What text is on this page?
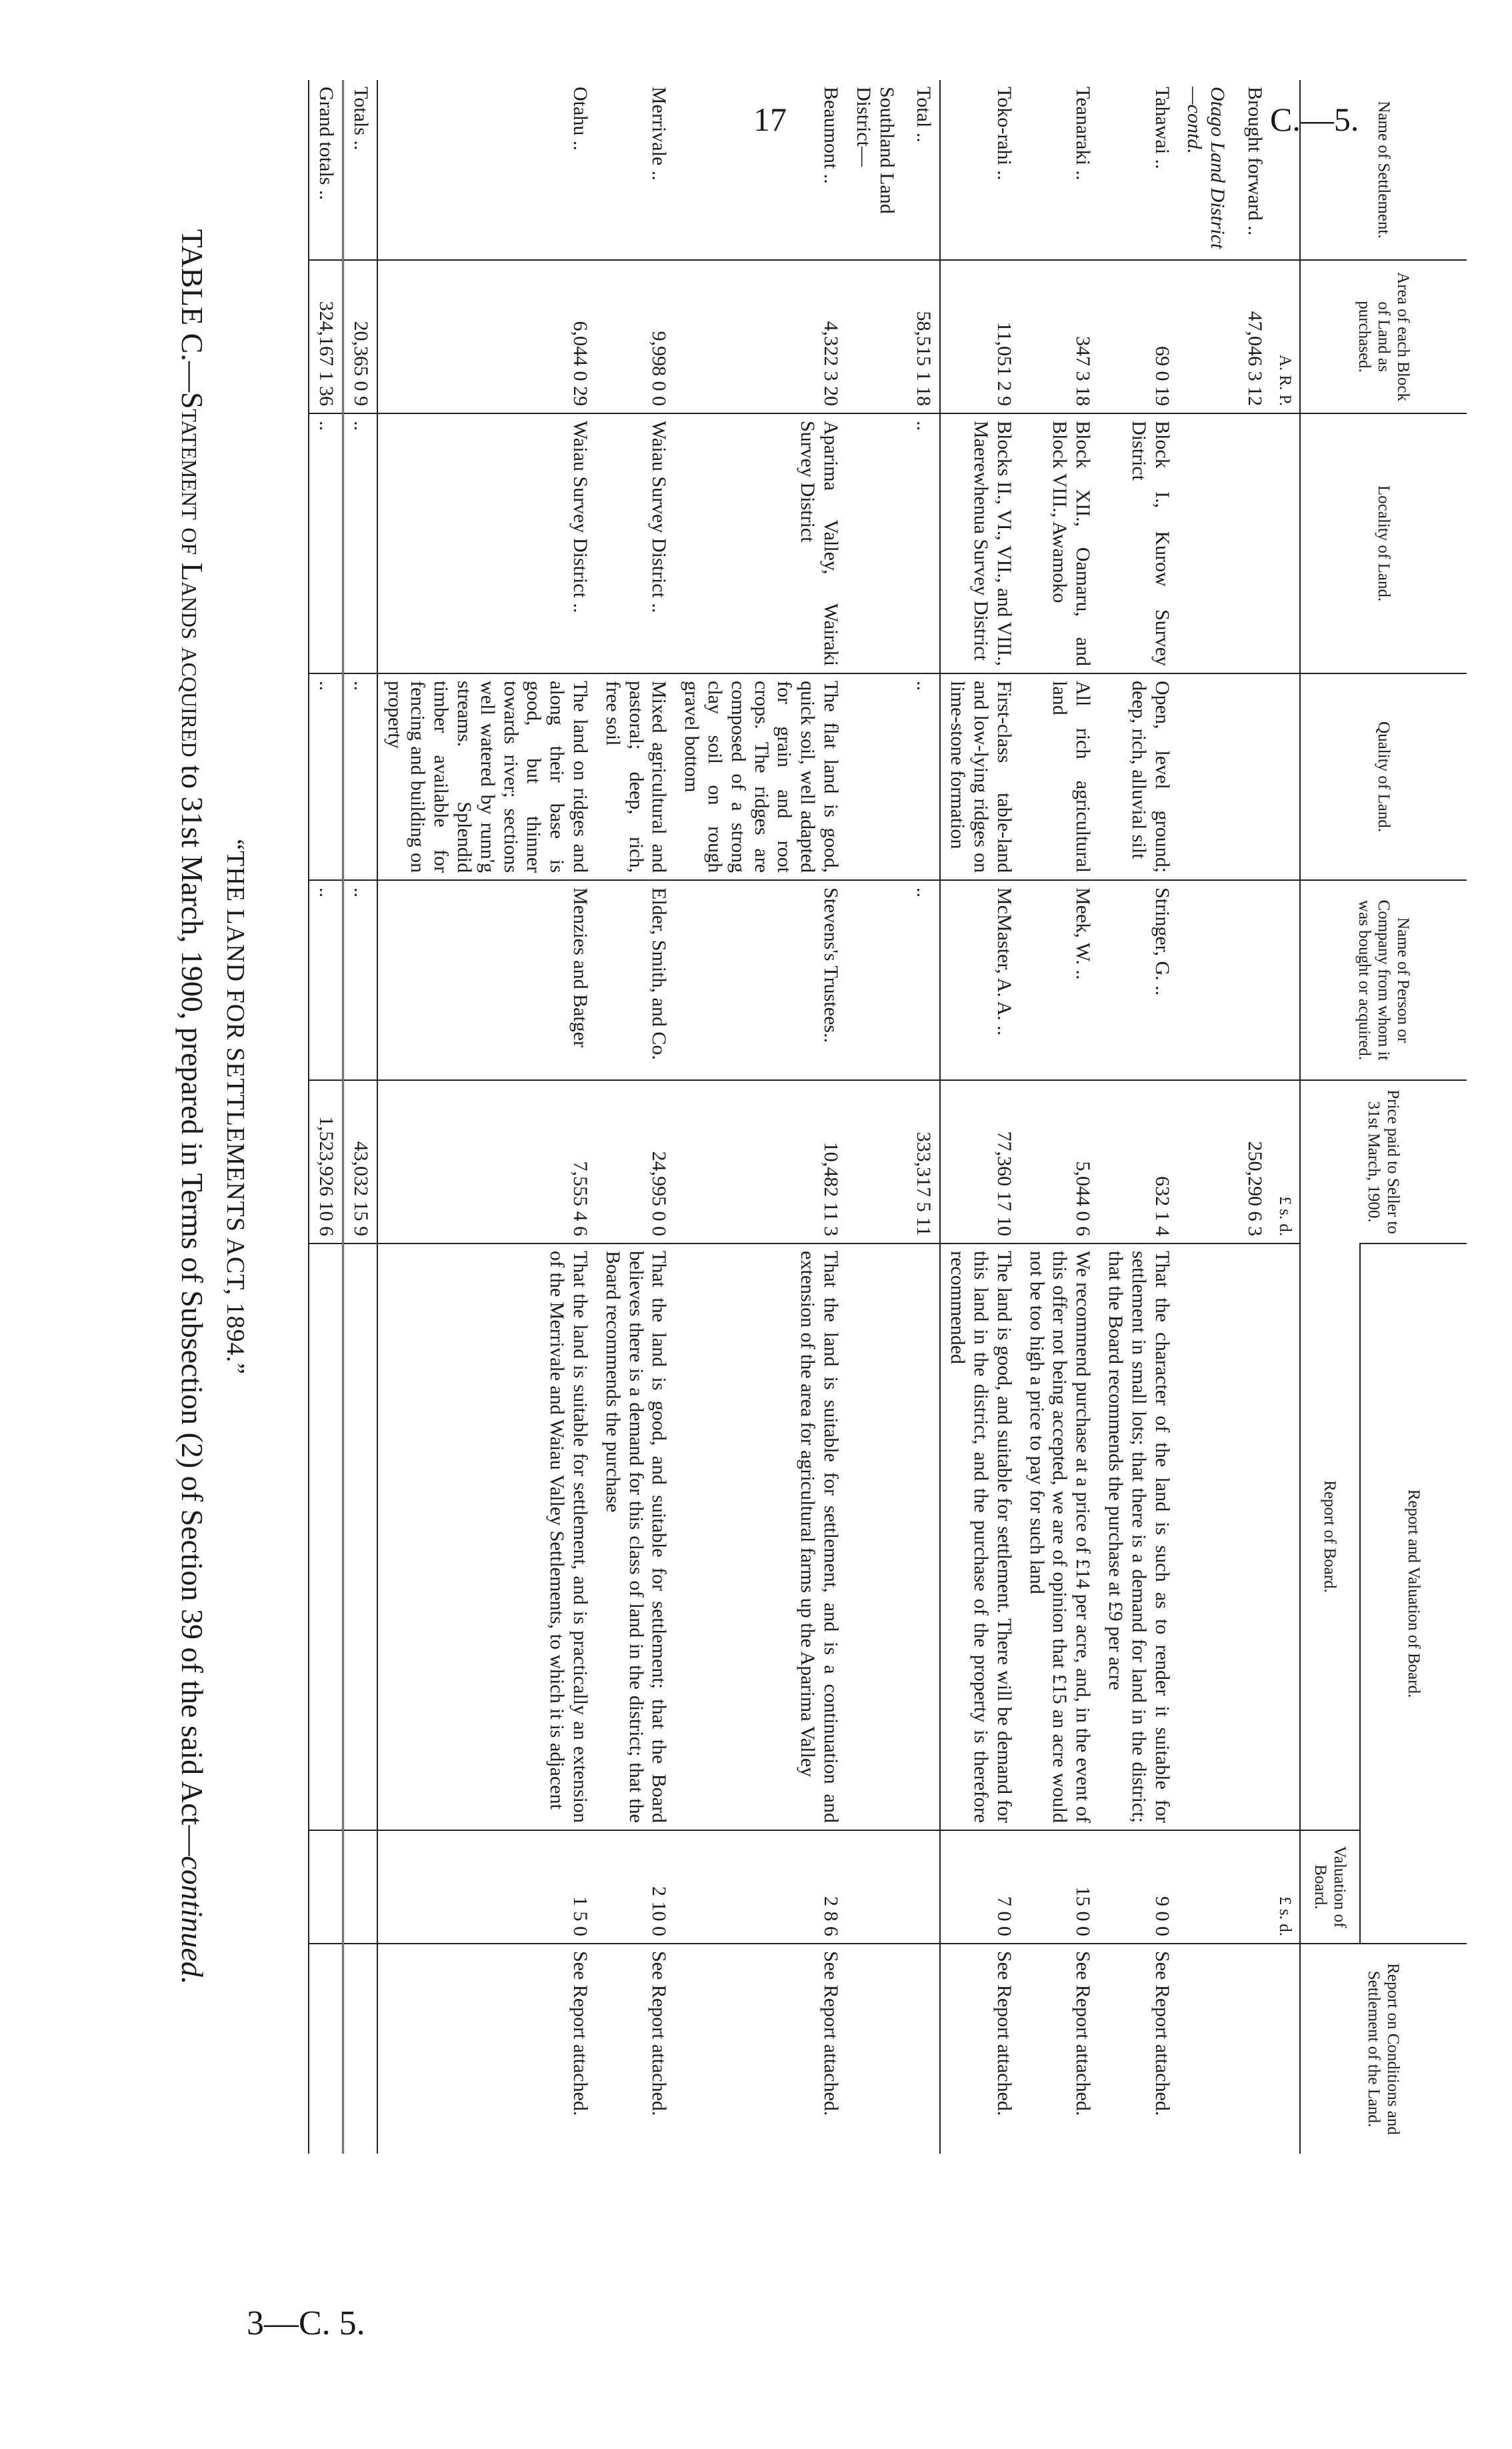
17	C.—5.
3—C. 5.
Name of Settlement.	Area of each Block of Land as purchased.	Locality of Land.	Quality of Land.	Name of Person or Company from whom it was bought or acquired.	Price paid to Seller to 31st March, 1900.	Report and Valuation of Board.		Report on Conditions and Settlement of the Land.
						Report of Board.	Valuation of Board.	
	A. R. P.				£ s. d.		£ s. d.	
Brought forward ..	47,046 3 12				250,290 6 3			
Otago Land District—contd.								
Tahawai ..	69 0 19	Block I., Kurow Survey District	Open, level ground; deep, rich, alluvial silt	Stringer, G. ..	632 1 4	That the character of the land is such as to render it suitable for settlement in small lots; that there is a demand for land in the district; that the Board recommends the purchase at £9 per acre	9 0 0	See Report attached.
Teanaraki ..	347 3 18	Block XII., Oamaru, and Block VIII., Awamoko	All rich agricultural land	Meek, W. ..	5,044 0 6	We recommend purchase at a price of £14 per acre, and, in the event of this offer not being accepted, we are of opinion that £15 an acre would not be too high a price to pay for such land	15 0 0	See Report attached.
Toko-rahi ..	11,051 2 9	Blocks II., VI., VII., and VIII., Maerewhenua Survey District	First-class table-land and low-lying ridges on lime-stone formation	McMaster, A. A. ..	77,360 17 10	The land is good, and suitable for settlement. There will be demand for this land in the district, and the purchase of the property is therefore recommended	7 0 0	See Report attached.
Total ..	58,515 1 18	..	..	..	333,317 5 11			
Southland Land District—								
Beaumont ..	4,322 3 20	Aparima Valley, Wairaki Survey District	The flat land is good, quick soil, well adapted for grain and root crops. The ridges are composed of a strong clay soil on rough gravel bottom	Stevens's Trustees..	10,482 11 3	That the land is suitable for settlement, and is a continuation and extension of the area for agricultural farms up the Aparima Valley	2 8 6	See Report attached.
Merrivale ..	9,998 0 0	Waiau Survey District ..	Mixed agricultural and pastoral; deep, rich, free soil	Elder, Smith, and Co.	24,995 0 0	That the land is good, and suitable for settlement; that the Board believes there is a demand for this class of land in the district; that the Board recommends the purchase	2 10 0	See Report attached.
Otahu ..	6,044 0 29	Waiau Survey District ..	The land on ridges and along their base is good, but thinner towards river; sections well watered by runn'g streams. Splendid timber available for fencing and building on property	Menzies and Batger	7,555 4 6	That the land is suitable for settlement, and is practically an extension of the Merrivale and Waiau Valley Settlements, to which it is adjacent	1 5 0	See Report attached.
Totals ..	20,365 0 9	..	..	..	43,032 15 9			
Grand totals ..	324,167 1 36	..	..	..	1,523,926 10 6			
“THE LAND FOR SETTLEMENTS ACT, 1894.”
TABLE C.—Statement of Lands acquired to 31st March, 1900, prepared in Terms of Subsection (2) of Section 39 of the said Act—continued.
